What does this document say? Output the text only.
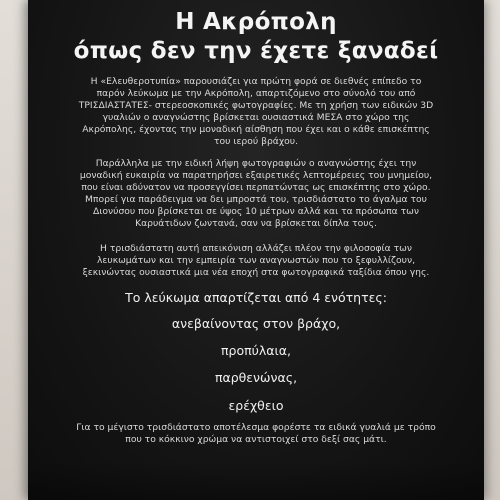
Η Ακρόπολη
όπως δεν την έχετε ξαναδεί
Η «Ελευθεροτυπία» παρουσιάζει για πρώτη φορά σε διεθνές επίπεδο το παρόν λεύκωμα με την Ακρόπολη, απαρτιζόμενο στο σύνολό του από ΤΡΙΣΔΙΑΣΤΑΤΕΣ- στερεοσκοπικές φωτογραφίες. Με τη χρήση των ειδικών 3D γυαλιών ο αναγνώστης βρίσκεται ουσιαστικά ΜΕΣΑ στο χώρο της Ακρόπολης, έχοντας την μοναδική αίσθηση που έχει και ο κάθε επισκέπτης του ιερού βράχου.
Παράλληλα με την ειδική λήψη φωτογραφιών ο αναγνώστης έχει την μοναδική ευκαιρία να παρατηρήσει εξαιρετικές λεπτομέρειες του μνημείου, που είναι αδύνατον να προσεγγίσει περπατώντας ως επισκέπτης στο χώρο. Μπορεί για παράδειγμα να δει μπροστά του, τρισδιάστατο το άγαλμα του Διονύσου που βρίσκεται σε ύψος 10 μέτρων αλλά και τα πρόσωπα των Καρυάτιδων ζωντανά, σαν να βρίσκεται δίπλα τους.
Η τρισδιάστατη αυτή απεικόνιση αλλάζει πλέον την φιλοσοφία των λευκωμάτων και την εμπειρία των αναγνωστών που το ξεφυλλίζουν, ξεκινώντας ουσιαστικά μια νέα εποχή στα φωτογραφικά ταξίδια όπου γης.
Το λεύκωμα απαρτίζεται από 4 ενότητες:
ανεβαίνοντας στον βράχο,
προπύλαια,
παρθενώνας,
ερέχθειο
Για το μέγιστο τρισδιάστατο αποτέλεσμα φορέστε τα ειδικά γυαλιά με τρόπο που το κόκκινο χρώμα να αντιστοιχεί στο δεξί σας μάτι.
